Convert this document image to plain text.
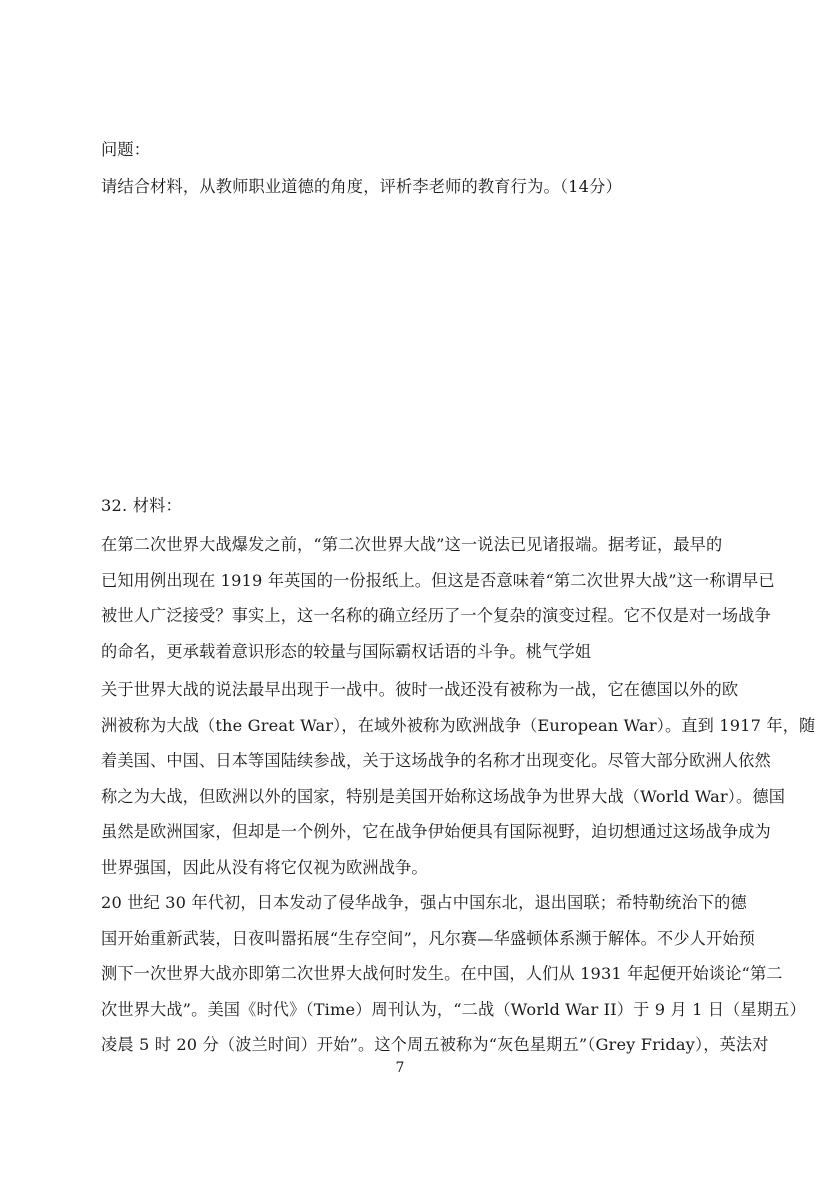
问题：
请结合材料，从教师职业道德的角度，评析李老师的教育行为。（14分）
32. 材料：
在第二次世界大战爆发之前，“第二次世界大战”这一说法已见诸报端。据考证，最早的
已知用例出现在 1919 年英国的一份报纸上。但这是否意味着“第二次世界大战”这一称谓早已
被世人广泛接受？事实上，这一名称的确立经历了一个复杂的演变过程。它不仅是对一场战争
的命名，更承载着意识形态的较量与国际霸权话语的斗争。桃气学姐
关于世界大战的说法最早出现于一战中。彼时一战还没有被称为一战，它在德国以外的欧
洲被称为大战（the Great War），在域外被称为欧洲战争（European War）。直到 1917 年，随
着美国、中国、日本等国陆续参战，关于这场战争的名称才出现变化。尽管大部分欧洲人依然
称之为大战，但欧洲以外的国家，特别是美国开始称这场战争为世界大战（World War）。德国
虽然是欧洲国家，但却是一个例外，它在战争伊始便具有国际视野，迫切想通过这场战争成为
世界强国，因此从没有将它仅视为欧洲战争。
20 世纪 30 年代初，日本发动了侵华战争，强占中国东北，退出国联；希特勒统治下的德
国开始重新武装，日夜叫嚣拓展“生存空间”，凡尔赛—华盛顿体系濒于解体。不少人开始预
测下一次世界大战亦即第二次世界大战何时发生。在中国，人们从 1931 年起便开始谈论“第二
次世界大战”。美国《时代》（Time）周刊认为，“二战（World War II）于 9 月 1 日（星期五）
凌晨 5 时 20 分（波兰时间）开始”。这个周五被称为“灰色星期五”（Grey Friday），英法对
7
